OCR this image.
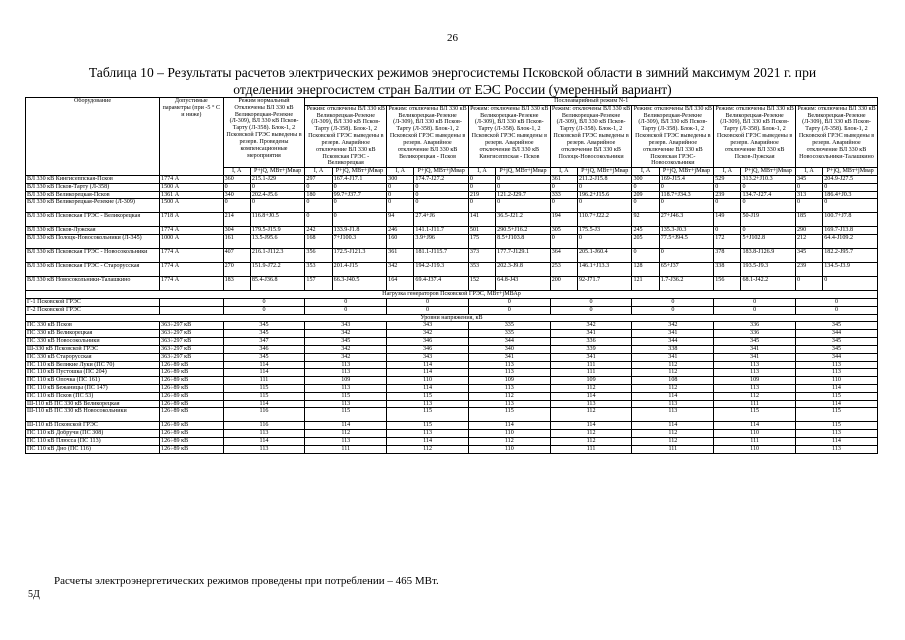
26
Таблица 10 – Результаты расчетов электрических режимов энергосистемы Псковской области в зимний максимум 2021 г. при
отделении энергосистем стран Балтии от ЕЭС России (умеренный вариант)
Оборудование	Допустимые параметры (при -5 ° С и ниже)	Режим нормальный Отключены ВЛ 330 кВ Великорецкая-Резекне (Л-309), ВЛ 330 кВ Псков-Тарту (Л-358). Блок-1, 2 Псковской ГРЭС выведены в резерв. Проведены компенсационные мероприятия		Послеаварийный режим N-1													
				Режим: отключены ВЛ 330 кВ Великорецкая-Резекне (Л-309), ВЛ 330 кВ Псков-Тарту (Л-358). Блок-1, 2 Псковской ГРЭС выведены в резерв. Аварийное отключение ВЛ 330 кВ Псковская ГРЭС - Великорецкая		Режим: отключены ВЛ 330 кВ Великорецкая-Резекне (Л-309), ВЛ 330 кВ Псков-Тарту (Л-358). Блок-1, 2 Псковской ГРЭС выведены в резерв. Аварийное отключение ВЛ 330 кВ Великорецкая - Псков		Режим: отключены ВЛ 330 кВ Великорецкая-Резекне (Л-309), ВЛ 330 кВ Псков-Тарту (Л-358). Блок-1, 2 Псковской ГРЭС выведены в резерв. Аварийное отключение ВЛ 330 кВ Кингисеппская - Псков		Режим: отключены ВЛ 330 кВ Великорецкая-Резекне (Л-309), ВЛ 330 кВ Псков-Тарту (Л-358). Блок-1, 2 Псковской ГРЭС выведены в резерв. Аварийное отключение ВЛ 330 кВ Полоцк-Новосокольники		Режим: отключены ВЛ 330 кВ Великорецкая-Резекне (Л-309), ВЛ 330 кВ Псков-Тарту (Л-358). Блок-1, 2 Псковской ГРЭС выведены в резерв. Аварийное отключение ВЛ 330 кВ Псковская ГРЭС-Новосокольники		Режим: отключены ВЛ 330 кВ Великорецкая-Резекне (Л-309), ВЛ 330 кВ Псков-Тарту (Л-358). Блок-1, 2 Псковской ГРЭС выведены в резерв. Аварийное отключение ВЛ 330 кВ Псков-Лужская		Режим: отключены ВЛ 330 кВ Великорецкая-Резекне (Л-309), ВЛ 330 кВ Псков-Тарту (Л-358). Блок-1, 2 Псковской ГРЭС выведены в резерв. Аварийное отключение ВЛ 330 кВ Новосокольники-Талашкино	
		I, А	P+jQ, МВт+jМвар	I, А	P+jQ, МВт+jМвар	I, А	P+jQ, МВт+jМвар	I, А	P+jQ, МВт+jМвар	I, А	P+jQ, МВт+jМвар	I, А	P+jQ, МВт+jМвар	I, А	P+jQ, МВт+jМвар	I, А	P+jQ, МВт+jМвар
ВЛ 330 кВ Кингисеппская-Псков	1774 А	360	215.1-J29	297	167.4-J17.1	300	174.7-J27.2	0	0	361	211.2-J15.8	300	169-J15.4	529	313.2+J10.3	345	204.9-J27.5
ВЛ 330 кВ Псков-Тарту (Л-358)	1500 А	0	0	0	0	0	0	0	0	0	0	0	0	0	0	0	0
ВЛ 330 кВ Великорецкая-Псков	1361 А	340	202.4-J5.6	180	99.7+J37.7	0	0	219	121.2-J29.7	333	196.2+J15.6	209	118.7+J34.3	239	134.7-J27.4	313	186.4+J0.3
ВЛ 330 кВ Великорецкая-Резекне (Л-309)	1500 А	0	0	0	0	0	0	0	0	0	0	0	0	0	0	0	0
ВЛ 330 кВ Псковская ГРЭС - Великорецкая	1718 А	214	116.8+J0.5	0	0	94	27.4+J6	141	36.5-J21.2	194	110.7+J22.2	92	27+J46.3	149	50-J19	185	100.7+J7.8
ВЛ 330 кВ Псков-Лужская	1774 А	304	179.5-J15.9	242	133.9-J1.8	246	141.1-J11.7	501	290.5+J16.2	305	175.5-J3	245	135.3-J0.3	0	0	290	169.7-J13.8
ВЛ 330 кВ Полоцк-Новосокольники (Л-345)	1000 А	161	13.5-J95.6	168	7+J100.3	160	3.9+J96	175	8.5+J103.8	0	0	205	77.5+J94.5	172	5+J102.8	212	64.4-J109.2
ВЛ 330 кВ Псковская ГРЭС - Новосокольники	1774 А	407	216.1-J112.3	356	172.5-J121.3	361	181.1-J115.7	373	177.7-J129.1	364	205.1-J60.4	0	0	378	183.8-J126.9	345	182.2-J95.7
ВЛ 330 кВ Псковская ГРЭС - Старорусская	1774 А	270	151.9-J72.2	353	201.4-J15	342	194.2-J19.3	353	202.3-J9.8	253	146.1+J13.3	128	65+J37	338	193.5-J9.3	239	134.5-J3.9
ВЛ 330 кВ Новосокольники-Талашкино	1774 А	183	85.4-J36.8	157	66.3-J40.5	164	69.4-J37.4	152	64.8-J43	200	92-J71.7	121	1.7-J36.2	156	68.1-J42.2	0	0
Нагрузка генераторов Псковской ГРЭС, МВт+jМВАр																	
Г-1 Псковской ГРЭС		0		0		0		0		0		0		0		0	
Г-2 Псковской ГРЭС		0		0		0		0		0		0		0		0	
Уровни напряжения, кВ																	
ПС 330 кВ Псков	363÷297 кВ	345		343		343		335		342		342		336		345	
ПС 330 кВ Великорецкая	363÷297 кВ	345		342		342		335		341		341		336		344	
ПС 330 кВ Новосокольники	363÷297 кВ	347		345		346		344		336		344		345		345	
Ш-330 кВ Псковской ГРЭС	363÷297 кВ	346		342		346		340		339		338		341		345	
ПС 330 кВ Старорусская	363÷297 кВ	345		342		343		341		341		341		341		344	
ПС 110 кВ Великие Луки (ПС 70)	126÷89 кВ	114		113		114		113		111		112		113		113	
ПС 110 кВ Пустошка (ПС 204)	126÷89 кВ	114		113		114		113		111		112		113		113	
ПС 110 кВ Опочка (ПС 161)	126÷89 кВ	111		109		110		109		109		108		109		110	
ПС 110 кВ Бежаницы (ПС 147)	126÷89 кВ	115		113		114		113		112		112		113		114	
ПС 110 кВ Псков (ПС 53)	126÷89 кВ	115		115		115		112		114		114		112		115	
Ш-110 кВ ПС 330 кВ Великорецкая	126÷89 кВ	114		113		113		113		113		113		111		114	
Ш-110 кВ ПС 330 кВ Новосокольники	126÷89 кВ	116		115		115		115		112		113		115		115	
Ш-110 кВ Псковской ГРЭС	126÷89 кВ	116		114		115		114		114		114		114		115	
ПС 110 кВ Добручи (ПС 308)	126÷89 кВ	113		112		113		110		112		112		110		113	
ПС 110 кВ Плюсса (ПС 113)	126÷89 кВ	114		113		114		112		112		112		111		114	
ПС 110 кВ Дно (ПС 116)	126÷89 кВ	113		111		112		110		111		111		110		113	
Расчеты электроэнергетических режимов проведены при потреблении – 465 МВт.
5Д
